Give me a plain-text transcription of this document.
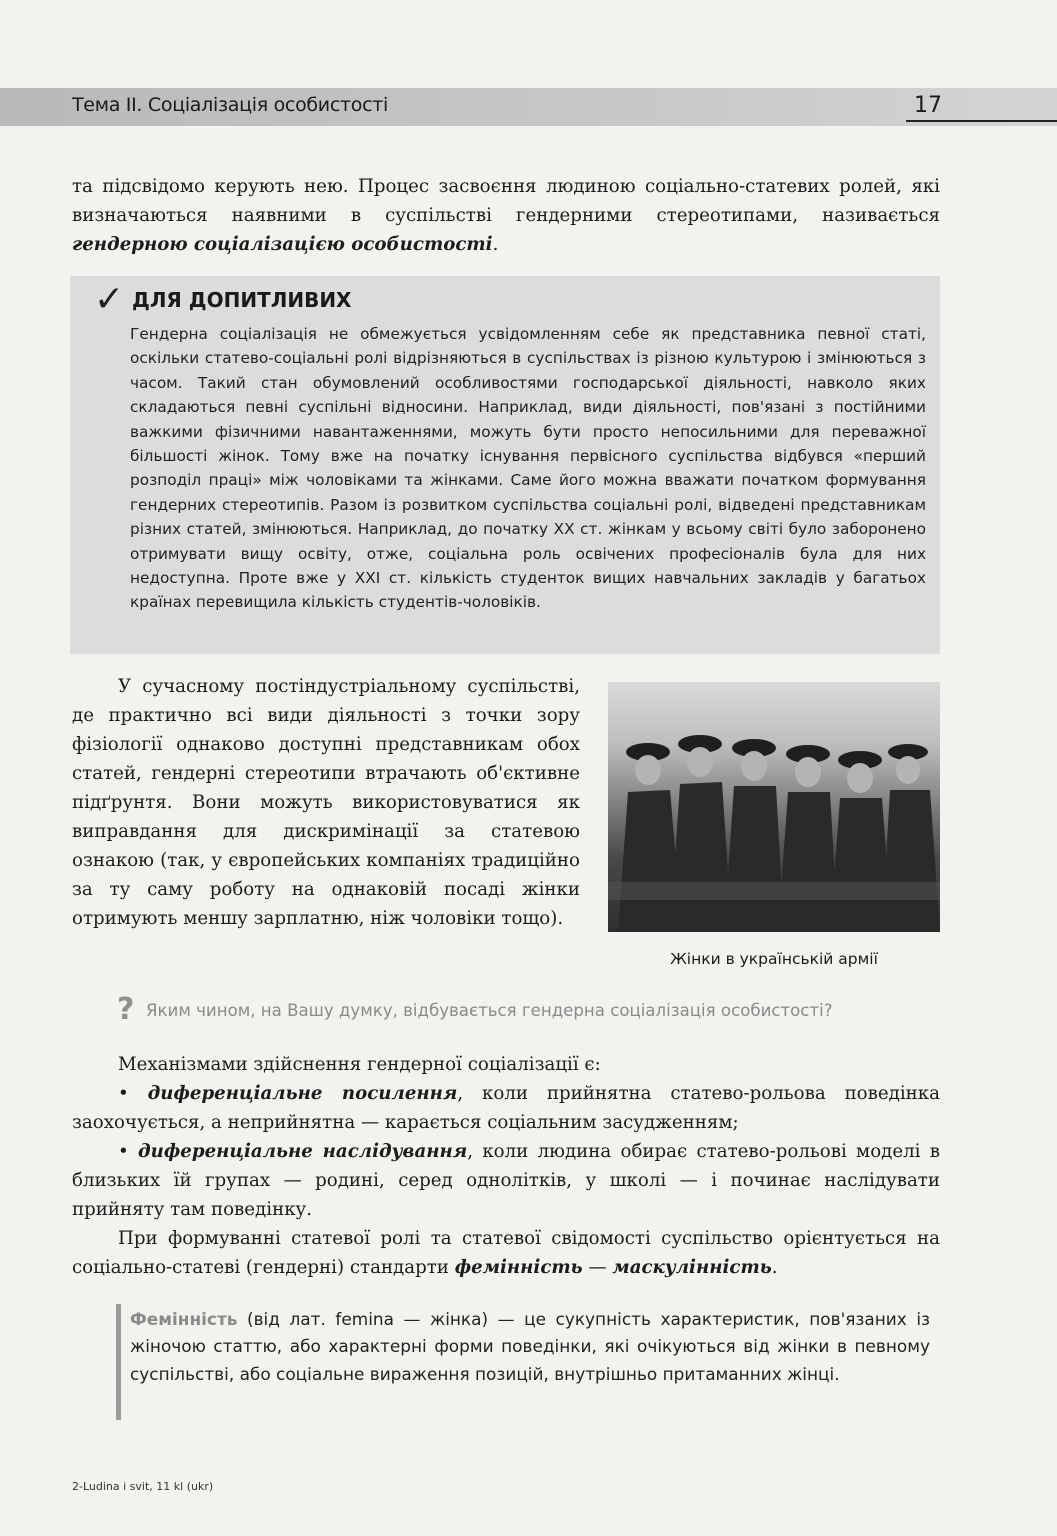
Тема II. Соціалізація особистості	17
та підсвідомо керують нею. Процес засвоєння людиною соціально-статевих ролей, які визначаються наявними в суспільстві гендерними стереотипами, називається гендерною соціалізацією особистості.
✓ ДЛЯ ДОПИТЛИВИХ
Гендерна соціалізація не обмежується усвідомленням себе як представника певної статі, оскільки статево-соціальні ролі відрізняються в суспільствах із різною культурою і змінюються з часом. Такий стан обумовлений особливостями господарської діяльності, навколо яких складаються певні суспільні відносини. Наприклад, види діяльності, пов'язані з постійними важкими фізичними навантаженнями, можуть бути просто непосильними для переважної більшості жінок. Тому вже на початку існування первісного суспільства відбувся «перший розподіл праці» між чоловіками та жінками. Саме його можна вважати початком формування гендерних стереотипів. Разом із розвитком суспільства соціальні ролі, відведені представникам різних статей, змінюються. Наприклад, до початку XX ст. жінкам у всьому світі було заборонено отримувати вищу освіту, отже, соціальна роль освічених професіоналів була для них недоступна. Проте вже у XXI ст. кількість студенток вищих навчальних закладів у багатьох країнах перевищила кількість студентів-чоловіків.
У сучасному постіндустріальному суспільстві, де практично всі види діяльності з точки зору фізіології однаково доступні представникам обох статей, гендерні стереотипи втрачають об'єктивне підґрунтя. Вони можуть використовуватися як виправдання для дискримінації за статевою ознакою (так, у європейських компаніях традиційно за ту саму роботу на однаковій посаді жінки отримують меншу зарплатню, ніж чоловіки тощо).
Жінки в українській армії
? Яким чином, на Вашу думку, відбувається гендерна соціалізація особистості?

Механізмами здійснення гендерної соціалізації є:

• диференціальне посилення, коли прийнятна статево-рольова поведінка заохочується, а неприйнятна — карається соціальним засудженням;

• диференціальне наслідування, коли людина обирає статево-рольові моделі в близьких їй групах — родині, серед однолітків, у школі — і починає наслідувати прийняту там поведінку.

При формуванні статевої ролі та статевої свідомості суспільство орієнтується на соціально-статеві (гендерні) стандарти фемінність — маскулінність.

Фемінність (від лат. femina — жінка) — це сукупність характеристик, пов'язаних із жіночою статтю, або характерні форми поведінки, які очікуються від жінки в певному суспільстві, або соціальне вираження позицій, внутрішньо притаманних жінці.
2-Ludina i svit, 11 kl (ukr)
